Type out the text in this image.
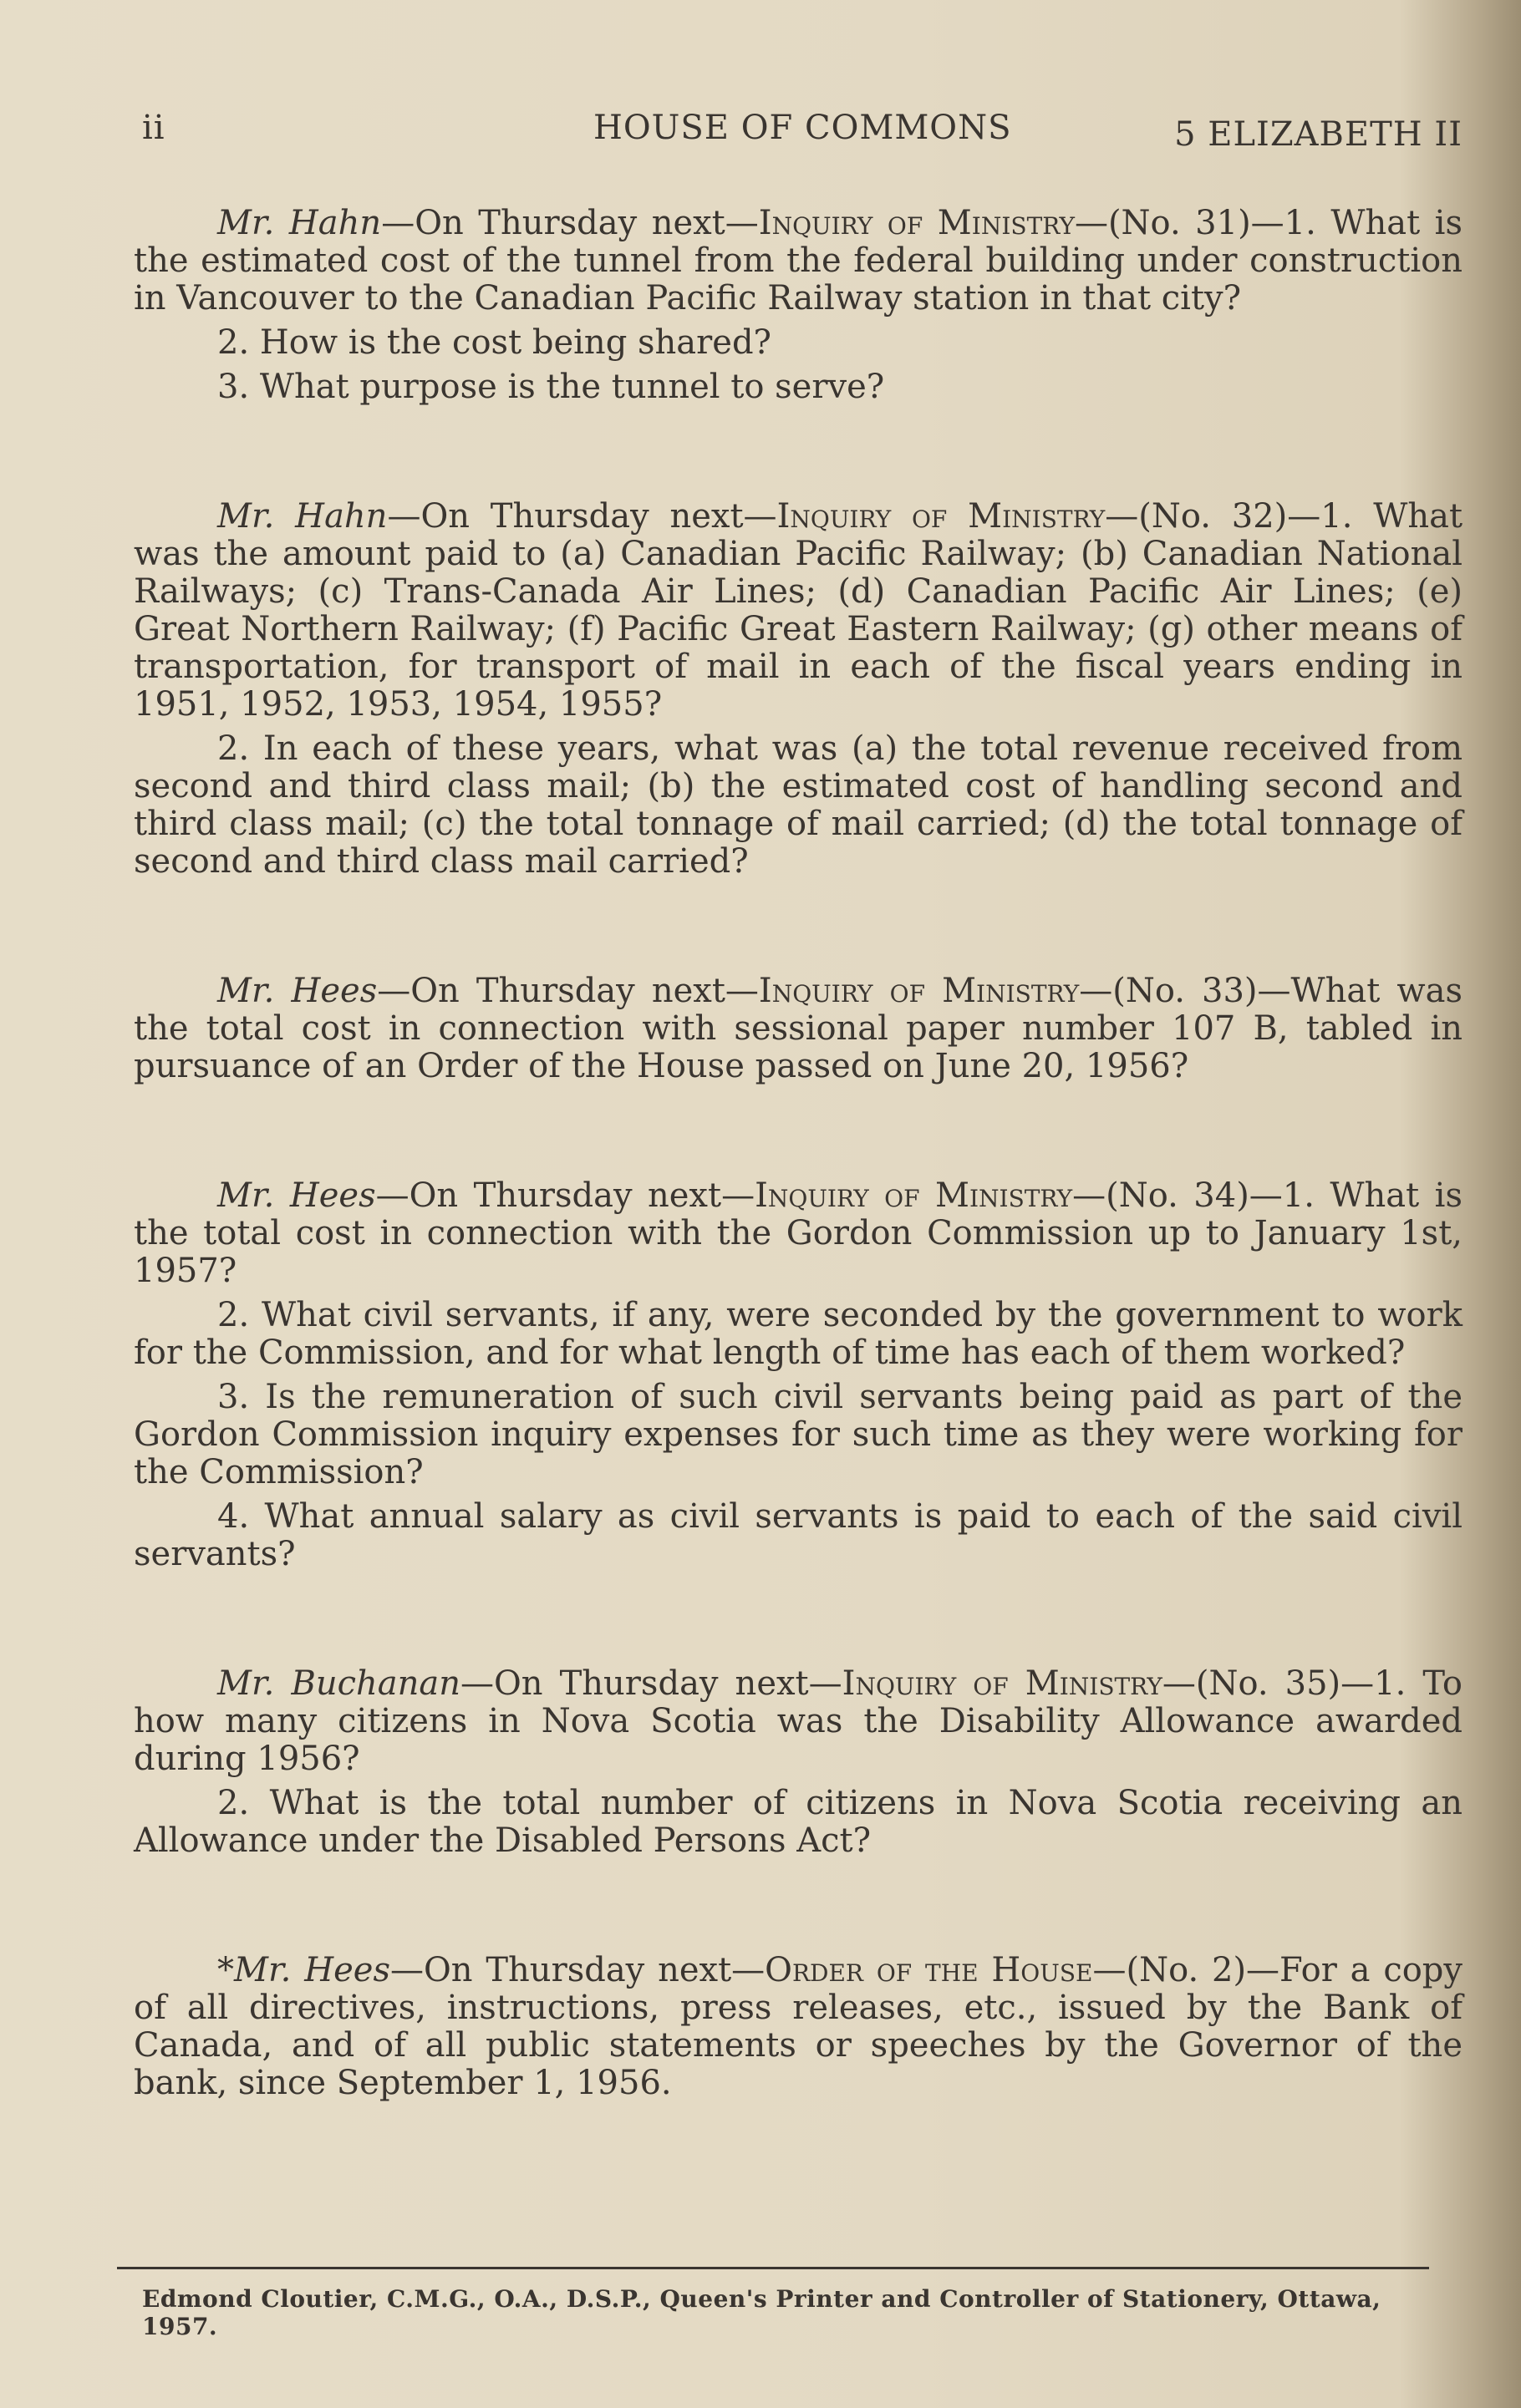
ii	HOUSE OF COMMONS	5 ELIZABETH II

Mr. Hahn—On Thursday next—Inquiry of Ministry—(No. 31)—1. What is the estimated cost of the tunnel from the federal building under construction in Vancouver to the Canadian Pacific Railway station in that city?

2. How is the cost being shared?

3. What purpose is the tunnel to serve?

Mr. Hahn—On Thursday next—Inquiry of Ministry—(No. 32)—1. What was the amount paid to (a) Canadian Pacific Railway; (b) Canadian National Railways; (c) Trans-Canada Air Lines; (d) Canadian Pacific Air Lines; (e) Great Northern Railway; (f) Pacific Great Eastern Railway; (g) other means of transportation, for transport of mail in each of the fiscal years ending in 1951, 1952, 1953, 1954, 1955?

2. In each of these years, what was (a) the total revenue received from second and third class mail; (b) the estimated cost of handling second and third class mail; (c) the total tonnage of mail carried; (d) the total tonnage of second and third class mail carried?

Mr. Hees—On Thursday next—Inquiry of Ministry—(No. 33)—What was the total cost in connection with sessional paper number 107 B, tabled in pursuance of an Order of the House passed on June 20, 1956?

Mr. Hees—On Thursday next—Inquiry of Ministry—(No. 34)—1. What is the total cost in connection with the Gordon Commission up to January 1st, 1957?

2. What civil servants, if any, were seconded by the government to work for the Commission, and for what length of time has each of them worked?

3. Is the remuneration of such civil servants being paid as part of the Gordon Commission inquiry expenses for such time as they were working for the Commission?

4. What annual salary as civil servants is paid to each of the said civil servants?

Mr. Buchanan—On Thursday next—Inquiry of Ministry—(No. 35)—1. To how many citizens in Nova Scotia was the Disability Allowance awarded during 1956?

2. What is the total number of citizens in Nova Scotia receiving an Allowance under the Disabled Persons Act?

*Mr. Hees—On Thursday next—Order of the House—(No. 2)—For a copy of all directives, instructions, press releases, etc., issued by the Bank of Canada, and of all public statements or speeches by the Governor of the bank, since September 1, 1956.

Edmond Cloutier, C.M.G., O.A., D.S.P., Queen's Printer and Controller of Stationery, Ottawa, 1957.
